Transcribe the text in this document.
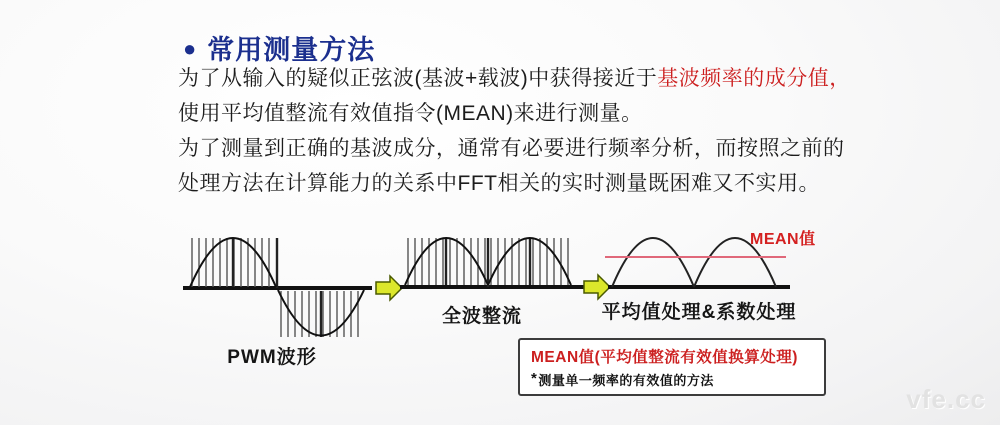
● 常用测量方法
为了从输入的疑似正弦波(基波+载波)中获得接近于基波频率的成分值，
使用平均值整流有效值指令(MEAN)来进行测量。
为了测量到正确的基波成分，通常有必要进行频率分析，而按照之前的
处理方法在计算能力的关系中FFT相关的实时测量既困难又不实用。
MEAN值
PWM波形
全波整流	平均值处理&系数处理
MEAN值(平均值整流有效值换算处理)
*测量单一频率的有效值的方法
vfe.cc
